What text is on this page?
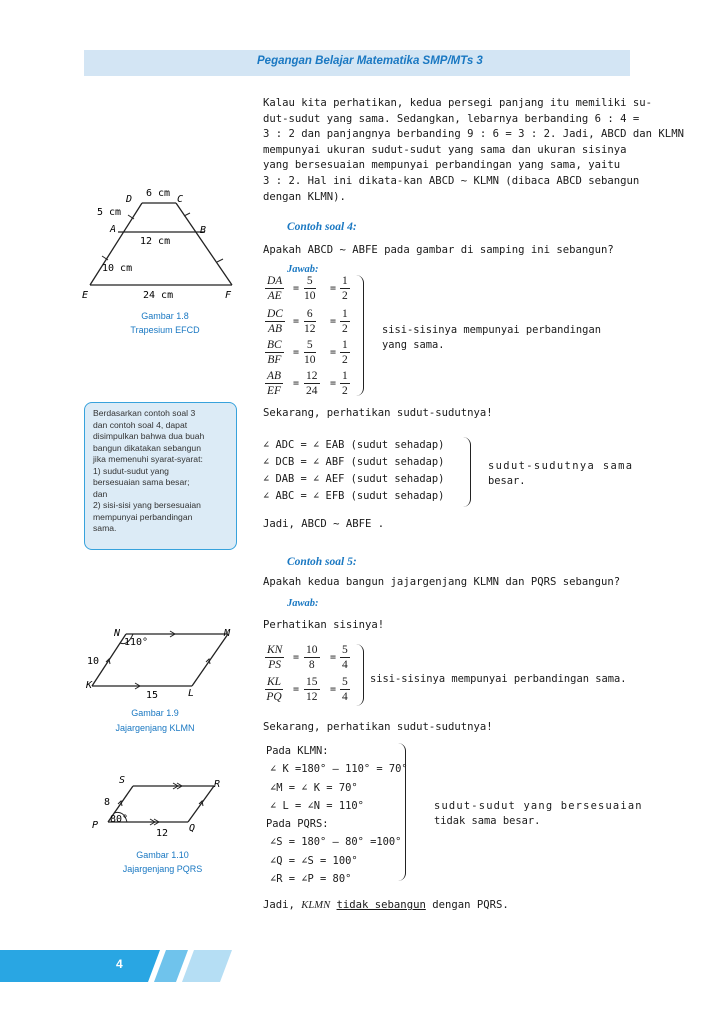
Pegangan Belajar Matematika SMP/MTs 3
Kalau kita perhatikan, kedua persegi panjang itu memiliki su-
dut-sudut yang sama. Sedangkan, lebarnya berbanding 6 : 4 =
3 : 2 dan panjangnya berbanding 9 : 6 = 3 : 2. Jadi, ABCD dan KLMN
mempunyai ukuran sudut-sudut yang sama dan ukuran sisinya
yang bersesuaian mempunyai perbandingan yang sama, yaitu
3 : 2. Hal ini dikata-kan ABCD ~ KLMN (dibaca ABCD sebangun
dengan KLMN).
Contoh soal 4:
Apakah ABCD ~ ABFE pada gambar di samping ini sebangun?
Jawab:
$\frac{DA}{AE} = \frac{5}{10} = \frac{1}{2}$
$\frac{DC}{AB} = \frac{6}{12} = \frac{1}{2}$
$\frac{BC}{BF} = \frac{5}{10} = \frac{1}{2}$
$\frac{AB}{EF} = \frac{12}{24} = \frac{1}{2}$
sisi-sisinya mempunyai perbandingan
yang sama.
Sekarang, perhatikan sudut-sudutnya!
∠ ADC = ∠ EAB (sudut sehadap)
∠ DCB = ∠ ABF (sudut sehadap)
∠ DAB = ∠ AEF (sudut sehadap)
∠ ABC = ∠ EFB (sudut sehadap)
sudut-sudutnya sama
besar.
Jadi, ABCD ~ ABFE .
Contoh soal 5:
Apakah kedua bangun jajargenjang KLMN dan PQRS sebangun?
Jawab:
Perhatikan sisinya!
$\frac{KN}{PS} = \frac{10}{8} = \frac{5}{4}$
$\frac{KL}{PQ} = \frac{15}{12} = \frac{5}{4}$ sisi-sisinya mempunyai perbandingan sama.
Sekarang, perhatikan sudut-sudutnya!
Pada KLMN:
∠ K =180° – 110° = 70°
∠M = ∠ K = 70°
∠ L = ∠N = 110°
Pada PQRS:
∠S = 180° – 80° =100°
∠Q = ∠S = 100°
∠R = ∠P = 80°
sudut-sudut yang bersesuaian
tidak sama besar.
Jadi, KLMN tidak sebangun dengan PQRS.
D
6 cm
C
5 cm
A	B
12 cm
10 cm
E	24 cm	F
Gambar 1.8
Trapesium EFCD
Berdasarkan contoh soal 3
dan contoh soal 4, dapat
disimpulkan bahwa dua buah
bangun dikatakan sebangun
jika memenuhi syarat-syarat:
1) sudut-sudut yang
bersesuaian sama besar;
dan
2) sisi-sisi yang bersesuaian
mempunyai perbandingan
sama.
N
110°
M
10
K
15	L
Gambar 1.9
Jajargenjang KLMN
S	R
8
80°
P
12 Q
Gambar 1.10
Jajargenjang PQRS
4
